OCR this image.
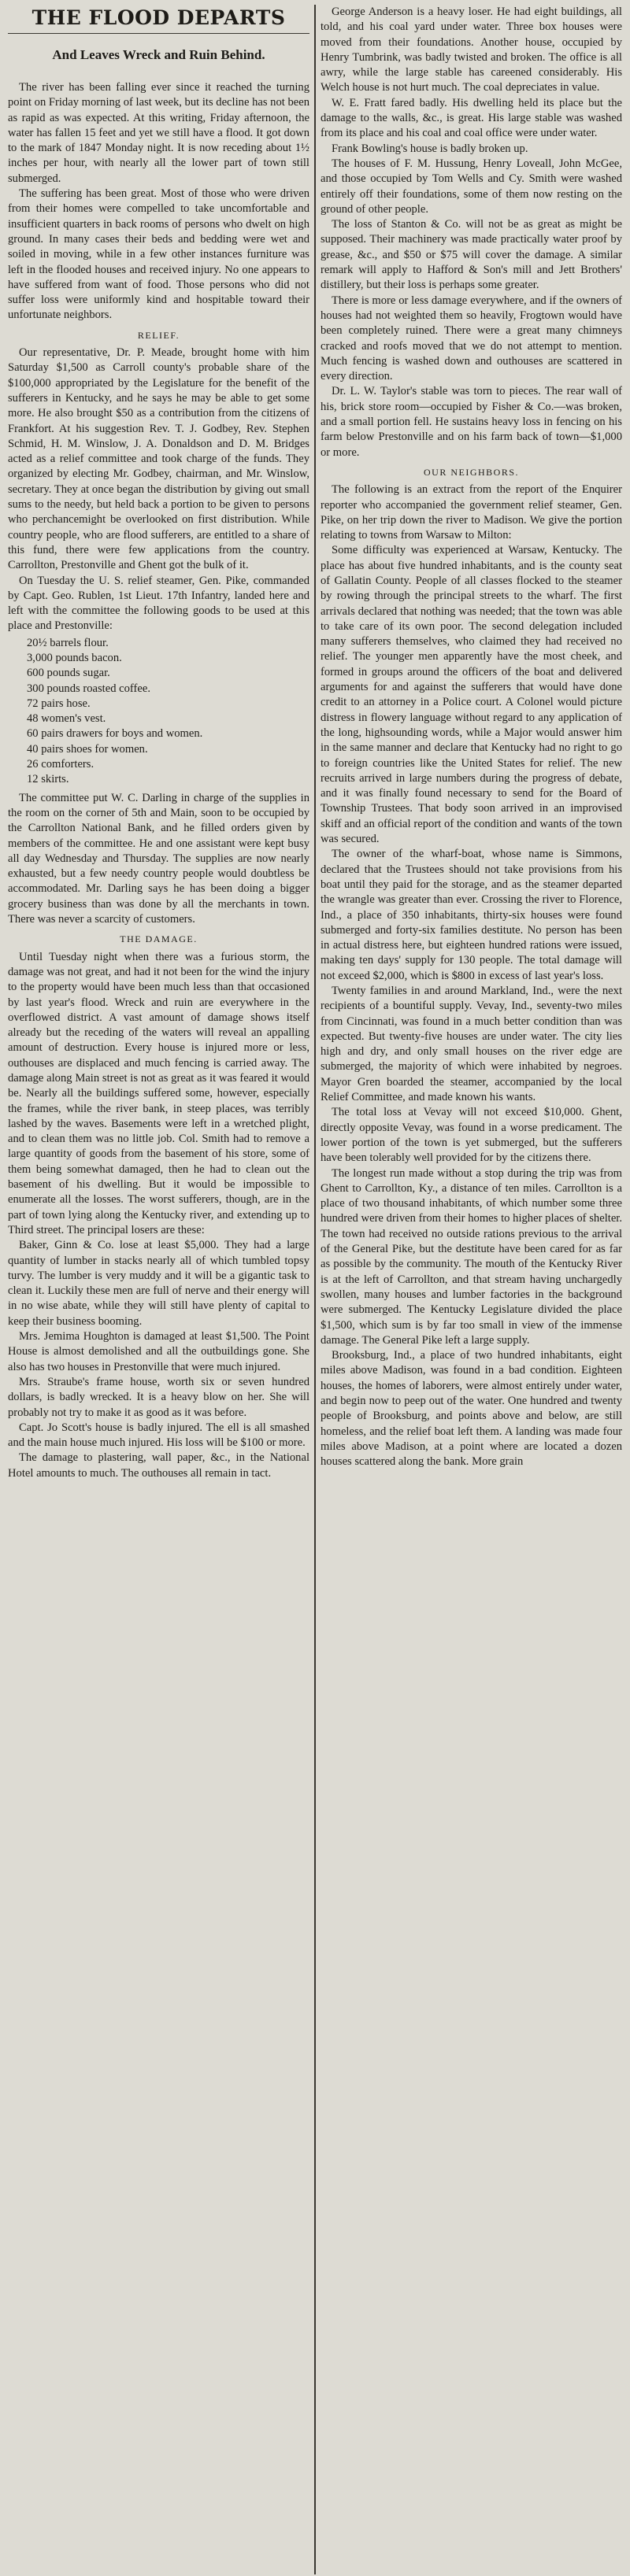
THE FLOOD DEPARTS
And Leaves Wreck and Ruin Behind.

The river has been falling ever since it reached the turning point on Friday morning of last week, but its decline has not been as rapid as was expected. At this writing, Friday afternoon, the water has fallen 15 feet and yet we still have a flood. It got down to the mark of 1847 Monday night. It is now receding about 1½ inches per hour, with nearly all the lower part of town still submerged.

The suffering has been great. Most of those who were driven from their homes were compelled to take uncomfortable and insufficient quarters in back rooms of persons who dwelt on high ground. In many cases their beds and bedding were wet and soiled in moving, while in a few other instances furniture was left in the flooded houses and received injury. No one appears to have suffered from want of food. Those persons who did not suffer loss were uniformly kind and hospitable toward their unfortunate neighbors.

RELIEF.

Our representative, Dr. P. Meade, brought home with him Saturday $1,500 as Carroll county's probable share of the $100,000 appropriated by the Legislature for the benefit of the sufferers in Kentucky, and he says he may be able to get some more. He also brought $50 as a contribution from the citizens of Frankfort. At his suggestion Rev. T. J. Godbey, Rev. Stephen Schmid, H. M. Winslow, J. A. Donaldson and D. M. Bridges acted as a relief committee and took charge of the funds. They organized by electing Mr. Godbey, chairman, and Mr. Winslow, secretary. They at once began the distribution by giving out small sums to the needy, but held back a portion to be given to persons who perchancemight be overlooked on first distribution. While country people, who are flood sufferers, are entitled to a share of this fund, there were few applications from the country. Carrollton, Prestonville and Ghent got the bulk of it.

On Tuesday the U. S. relief steamer, Gen. Pike, commanded by Capt. Geo. Rublen, 1st Lieut. 17th Infantry, landed here and left with the committee the following goods to be used at this place and Prestonville:

20½ barrels flour.
3,000 pounds bacon.
600 pounds sugar.
300 pounds roasted coffee.
72 pairs hose.
48 women's vest.
60 pairs drawers for boys and women.
40 pairs shoes for women.
26 comforters.
12 skirts.

The committee put W. C. Darling in charge of the supplies in the room on the corner of 5th and Main, soon to be occupied by the Carrollton National Bank, and he filled orders given by members of the committee. He and one assistant were kept busy all day Wednesday and Thursday. The supplies are now nearly exhausted, but a few needy country people would doubtless be accommodated. Mr. Darling says he has been doing a bigger grocery business than was done by all the merchants in town. There was never a scarcity of customers.

THE DAMAGE.

Until Tuesday night when there was a furious storm, the damage was not great, and had it not been for the wind the injury to the property would have been much less than that occasioned by last year's flood. Wreck and ruin are everywhere in the overflowed district. A vast amount of damage shows itself already but the receding of the waters will reveal an appalling amount of destruction. Every house is injured more or less, outhouses are displaced and much fencing is carried away. The damage along Main street is not as great as it was feared it would be. Nearly all the buildings suffered some, however, especially the frames, while the river bank, in steep places, was terribly lashed by the waves. Basements were left in a wretched plight, and to clean them was no little job. Col. Smith had to remove a large quantity of goods from the basement of his store, some of them being somewhat damaged, then he had to clean out the basement of his dwelling. But it would be impossible to enumerate all the losses. The worst sufferers, though, are in the part of town lying along the Kentucky river, and extending up to Third street. The principal losers are these:

Baker, Ginn & Co. lose at least $5,000. They had a large quantity of lumber in stacks nearly all of which tumbled topsy turvy. The lumber is very muddy and it will be a gigantic task to clean it. Luckily these men are full of nerve and their energy will in no wise abate, while they will still have plenty of capital to keep their business booming.

Mrs. Jemima Houghton is damaged at least $1,500. The Point House is almost demolished and all the outbuildings gone. She also has two houses in Prestonville that were much injured.

Mrs. Straube's frame house, worth six or seven hundred dollars, is badly wrecked. It is a heavy blow on her. She will probably not try to make it as good as it was before.

Capt. Jo Scott's house is badly injured. The ell is all smashed and the main house much injured. His loss will be $100 or more.

The damage to plastering, wall paper, &c., in the National Hotel amounts to much. The outhouses all remain in tact.

George Anderson is a heavy loser. He had eight buildings, all told, and his coal yard under water. Three box houses were moved from their foundations. Another house, occupied by Henry Tumbrink, was badly twisted and broken. The office is all awry, while the large stable has careened considerably. His Welch house is not hurt much. The coal depreciates in value.

W. E. Fratt fared badly. His dwelling held its place but the damage to the walls, &c., is great. His large stable was washed from its place and his coal and coal office were under water.

Frank Bowling's house is badly broken up.

The houses of F. M. Hussung, Henry Loveall, John McGee, and those occupied by Tom Wells and Cy. Smith were washed entirely off their foundations, some of them now resting on the ground of other people.

The loss of Stanton & Co. will not be as great as might be supposed. Their machinery was made practically water proof by grease, &c., and $50 or $75 will cover the damage. A similar remark will apply to Hafford & Son's mill and Jett Brothers' distillery, but their loss is perhaps some greater.

There is more or less damage everywhere, and if the owners of houses had not weighted them so heavily, Frogtown would have been completely ruined. There were a great many chimneys cracked and roofs moved that we do not attempt to mention. Much fencing is washed down and outhouses are scattered in every direction.

Dr. L. W. Taylor's stable was torn to pieces. The rear wall of his, brick store room—occupied by Fisher & Co.—was broken, and a small portion fell. He sustains heavy loss in fencing on his farm below Prestonville and on his farm back of town—$1,000 or more.

OUR NEIGHBORS.

The following is an extract from the report of the Enquirer reporter who accompanied the government relief steamer, Gen. Pike, on her trip down the river to Madison. We give the portion relating to towns from Warsaw to Milton:

Some difficulty was experienced at Warsaw, Kentucky. The place has about five hundred inhabitants, and is the county seat of Gallatin County. People of all classes flocked to the steamer by rowing through the principal streets to the wharf. The first arrivals declared that nothing was needed; that the town was able to take care of its own poor. The second delegation included many sufferers themselves, who claimed they had received no relief. The younger men apparently have the most cheek, and formed in groups around the officers of the boat and delivered arguments for and against the sufferers that would have done credit to an attorney in a Police court. A Colonel would picture distress in flowery language without regard to any application of the long, highsounding words, while a Major would answer him in the same manner and declare that Kentucky had no right to go to foreign countries like the United States for relief. The new recruits arrived in large numbers during the progress of debate, and it was finally found necessary to send for the Board of Township Trustees. That body soon arrived in an improvised skiff and an official report of the condition and wants of the town was secured.

The owner of the wharf-boat, whose name is Simmons, declared that the Trustees should not take provisions from his boat until they paid for the storage, and as the steamer departed the wrangle was greater than ever. Crossing the river to Florence, Ind., a place of 350 inhabitants, thirty-six houses were found submerged and forty-six families destitute. No person has been in actual distress here, but eighteen hundred rations were issued, making ten days' supply for 130 people. The total damage will not exceed $2,000, which is $800 in excess of last year's loss.

Twenty families in and around Markland, Ind., were the next recipients of a bountiful supply. Vevay, Ind., seventy-two miles from Cincinnati, was found in a much better condition than was expected. But twenty-five houses are under water. The city lies high and dry, and only small houses on the river edge are submerged, the majority of which were inhabited by negroes. Mayor Gren boarded the steamer, accompanied by the local Relief Committee, and made known his wants.

The total loss at Vevay will not exceed $10,000. Ghent, directly opposite Vevay, was found in a worse predicament. The lower portion of the town is yet submerged, but the sufferers have been tolerably well provided for by the citizens there.

The longest run made without a stop during the trip was from Ghent to Carrollton, Ky., a distance of ten miles. Carrollton is a place of two thousand inhabitants, of which number some three hundred were driven from their homes to higher places of shelter. The town had received no outside rations previous to the arrival of the General Pike, but the destitute have been cared for as far as possible by the community. The mouth of the Kentucky River is at the left of Carrollton, and that stream having unchargedly swollen, many houses and lumber factories in the background were submerged. The Kentucky Legislature divided the place $1,500, which sum is by far too small in view of the immense damage. The General Pike left a large supply.

Brooksburg, Ind., a place of two hundred inhabitants, eight miles above Madison, was found in a bad condition. Eighteen houses, the homes of laborers, were almost entirely under water, and begin now to peep out of the water. One hundred and twenty people of Brooksburg, and points above and below, are still homeless, and the relief boat left them. A landing was made four miles above Madison, at a point where are located a dozen houses scattered along the bank. More grain
